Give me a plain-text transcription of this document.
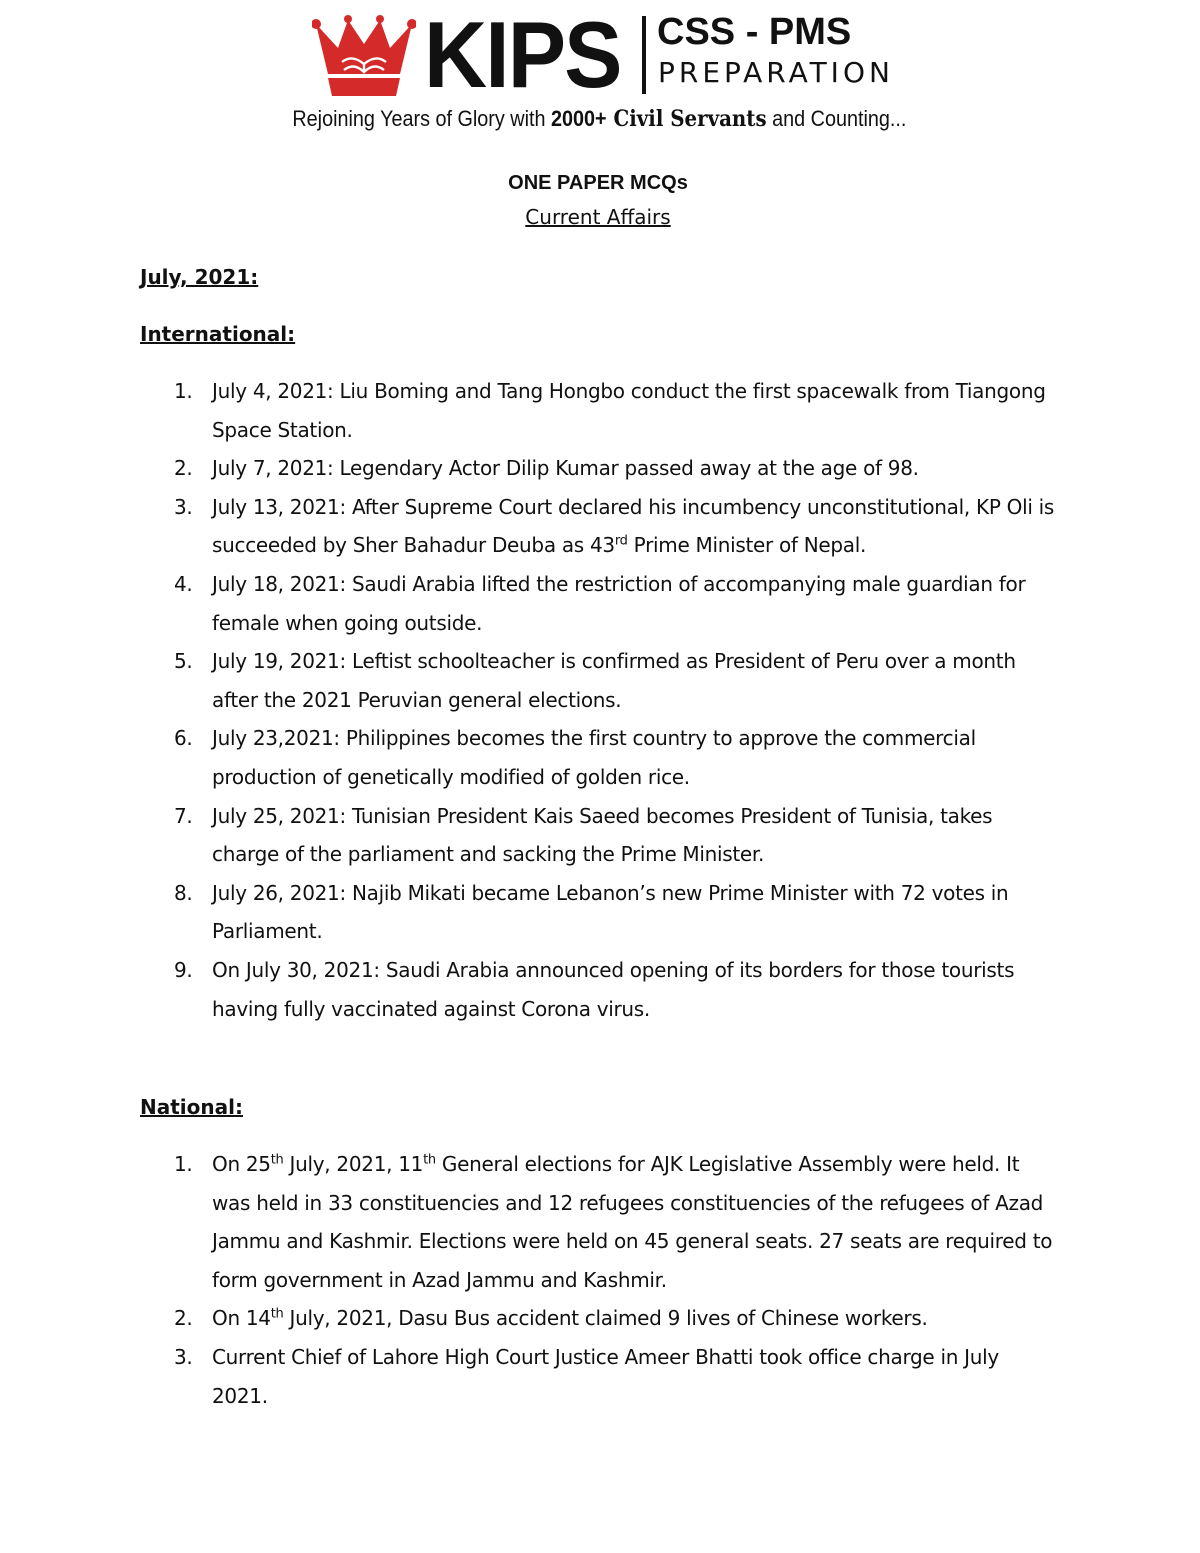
KIPS CSS - PMS
PREPARATION
Rejoining Years of Glory with 2000+ Civil Servants and Counting...
ONE PAPER MCQs
Current Affairs
July, 2021:
International:
1. July 4, 2021: Liu Boming and Tang Hongbo conduct the first spacewalk from Tiangong Space Station.
2. July 7, 2021: Legendary Actor Dilip Kumar passed away at the age of 98.
3. July 13, 2021: After Supreme Court declared his incumbency unconstitutional, KP Oli is succeeded by Sher Bahadur Deuba as 43rd Prime Minister of Nepal.
4. July 18, 2021: Saudi Arabia lifted the restriction of accompanying male guardian for female when going outside.
5. July 19, 2021: Leftist schoolteacher is confirmed as President of Peru over a month after the 2021 Peruvian general elections.
6. July 23,2021: Philippines becomes the first country to approve the commercial production of genetically modified of golden rice.
7. July 25, 2021: Tunisian President Kais Saeed becomes President of Tunisia, takes charge of the parliament and sacking the Prime Minister.
8. July 26, 2021: Najib Mikati became Lebanon’s new Prime Minister with 72 votes in Parliament.
9. On July 30, 2021: Saudi Arabia announced opening of its borders for those tourists having fully vaccinated against Corona virus.
National:
1. On 25th July, 2021, 11th General elections for AJK Legislative Assembly were held. It was held in 33 constituencies and 12 refugees constituencies of the refugees of Azad Jammu and Kashmir. Elections were held on 45 general seats. 27 seats are required to form government in Azad Jammu and Kashmir.
2. On 14th July, 2021, Dasu Bus accident claimed 9 lives of Chinese workers.
3. Current Chief of Lahore High Court Justice Ameer Bhatti took office charge in July 2021.
